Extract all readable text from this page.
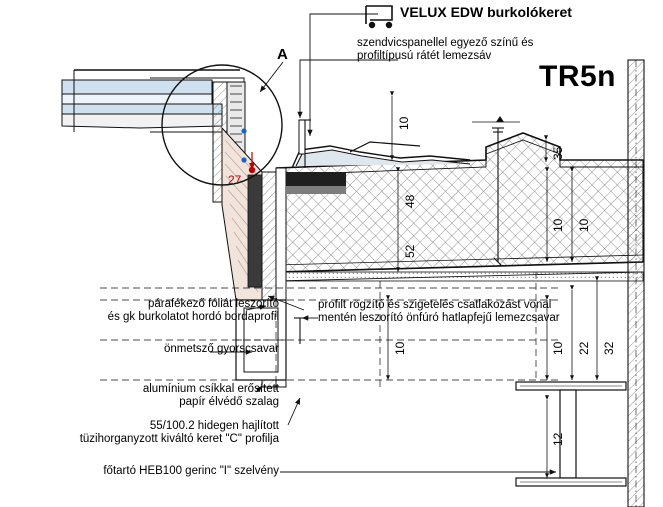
VELUX EDW burkolókeret
szendvicspanellel egyező színű és
profiltípusú rátét lemezsáv
TR5n
A
profilt rögzítő és szigetelés csatlakozást vonal
mentén leszorító önfúró hatlapfejű lemezcsavar
párafékező fóliát leszorító
és gk burkolatot hordó bordaprofil
önmetsző gyorscsavar
alumínium csíkkal erősített
papír élvédő szalag
55/100.2 hidegen hajlított
tüzihorganyzott kiváltó keret "C" profilja
főtartó HEB100 gerinc "I" szelvény
10
35
48
52
10 10
10	10 22 32
12
27
